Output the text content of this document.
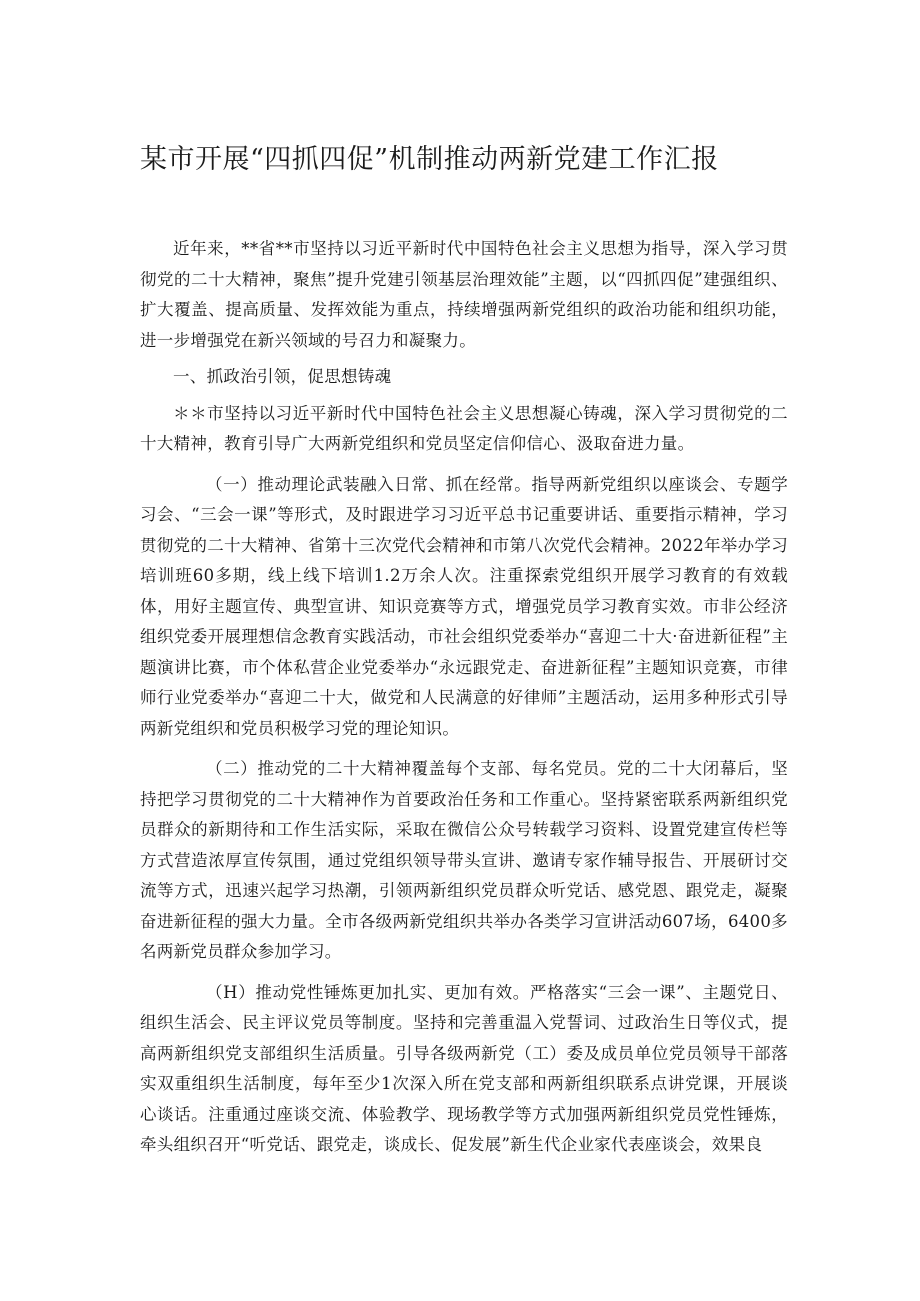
某市开展“四抓四促”机制推动两新党建工作汇报

近年来，**省**市坚持以习近平新时代中国特色社会主义思想为指导，深入学习贯彻党的二十大精神，聚焦”提升党建引领基层治理效能”主题，以“四抓四促”建强组织、扩大覆盖、提高质量、发挥效能为重点，持续增强两新党组织的政治功能和组织功能，进一步增强党在新兴领域的号召力和凝聚力。

一、抓政治引领，促思想铸魂

＊＊市坚持以习近平新时代中国特色社会主义思想凝心铸魂，深入学习贯彻党的二十大精神，教育引导广大两新党组织和党员坚定信仰信心、汲取奋进力量。

（一）推动理论武装融入日常、抓在经常。指导两新党组织以座谈会、专题学习会、“三会一课”等形式，及时跟进学习习近平总书记重要讲话、重要指示精神，学习贯彻党的二十大精神、省第十三次党代会精神和市第八次党代会精神。2022年举办学习培训班60多期，线上线下培训1.2万余人次。注重探索党组织开展学习教育的有效载体，用好主题宣传、典型宣讲、知识竞赛等方式，增强党员学习教育实效。市非公经济组织党委开展理想信念教育实践活动，市社会组织党委举办“喜迎二十大·奋进新征程”主题演讲比赛，市个体私营企业党委举办“永远跟党走、奋进新征程”主题知识竞赛，市律师行业党委举办“喜迎二十大，做党和人民满意的好律师”主题活动，运用多种形式引导两新党组织和党员积极学习党的理论知识。

（二）推动党的二十大精神覆盖每个支部、每名党员。党的二十大闭幕后，坚持把学习贯彻党的二十大精神作为首要政治任务和工作重心。坚持紧密联系两新组织党员群众的新期待和工作生活实际，采取在微信公众号转载学习资料、设置党建宣传栏等方式营造浓厚宣传氛围，通过党组织领导带头宣讲、邀请专家作辅导报告、开展研讨交流等方式，迅速兴起学习热潮，引领两新组织党员群众听党话、感党恩、跟党走，凝聚奋进新征程的强大力量。全市各级两新党组织共举办各类学习宣讲活动607场，6400多名两新党员群众参加学习。

（H）推动党性锤炼更加扎实、更加有效。严格落实“三会一课”、主题党日、组织生活会、民主评议党员等制度。坚持和完善重温入党誓词、过政治生日等仪式，提高两新组织党支部组织生活质量。引导各级两新党（工）委及成员单位党员领导干部落实双重组织生活制度，每年至少1次深入所在党支部和两新组织联系点讲党课，开展谈心谈话。注重通过座谈交流、体验教学、现场教学等方式加强两新组织党员党性锤炼，牵头组织召开“听党话、跟党走，谈成长、促发展”新生代企业家代表座谈会，效果良
